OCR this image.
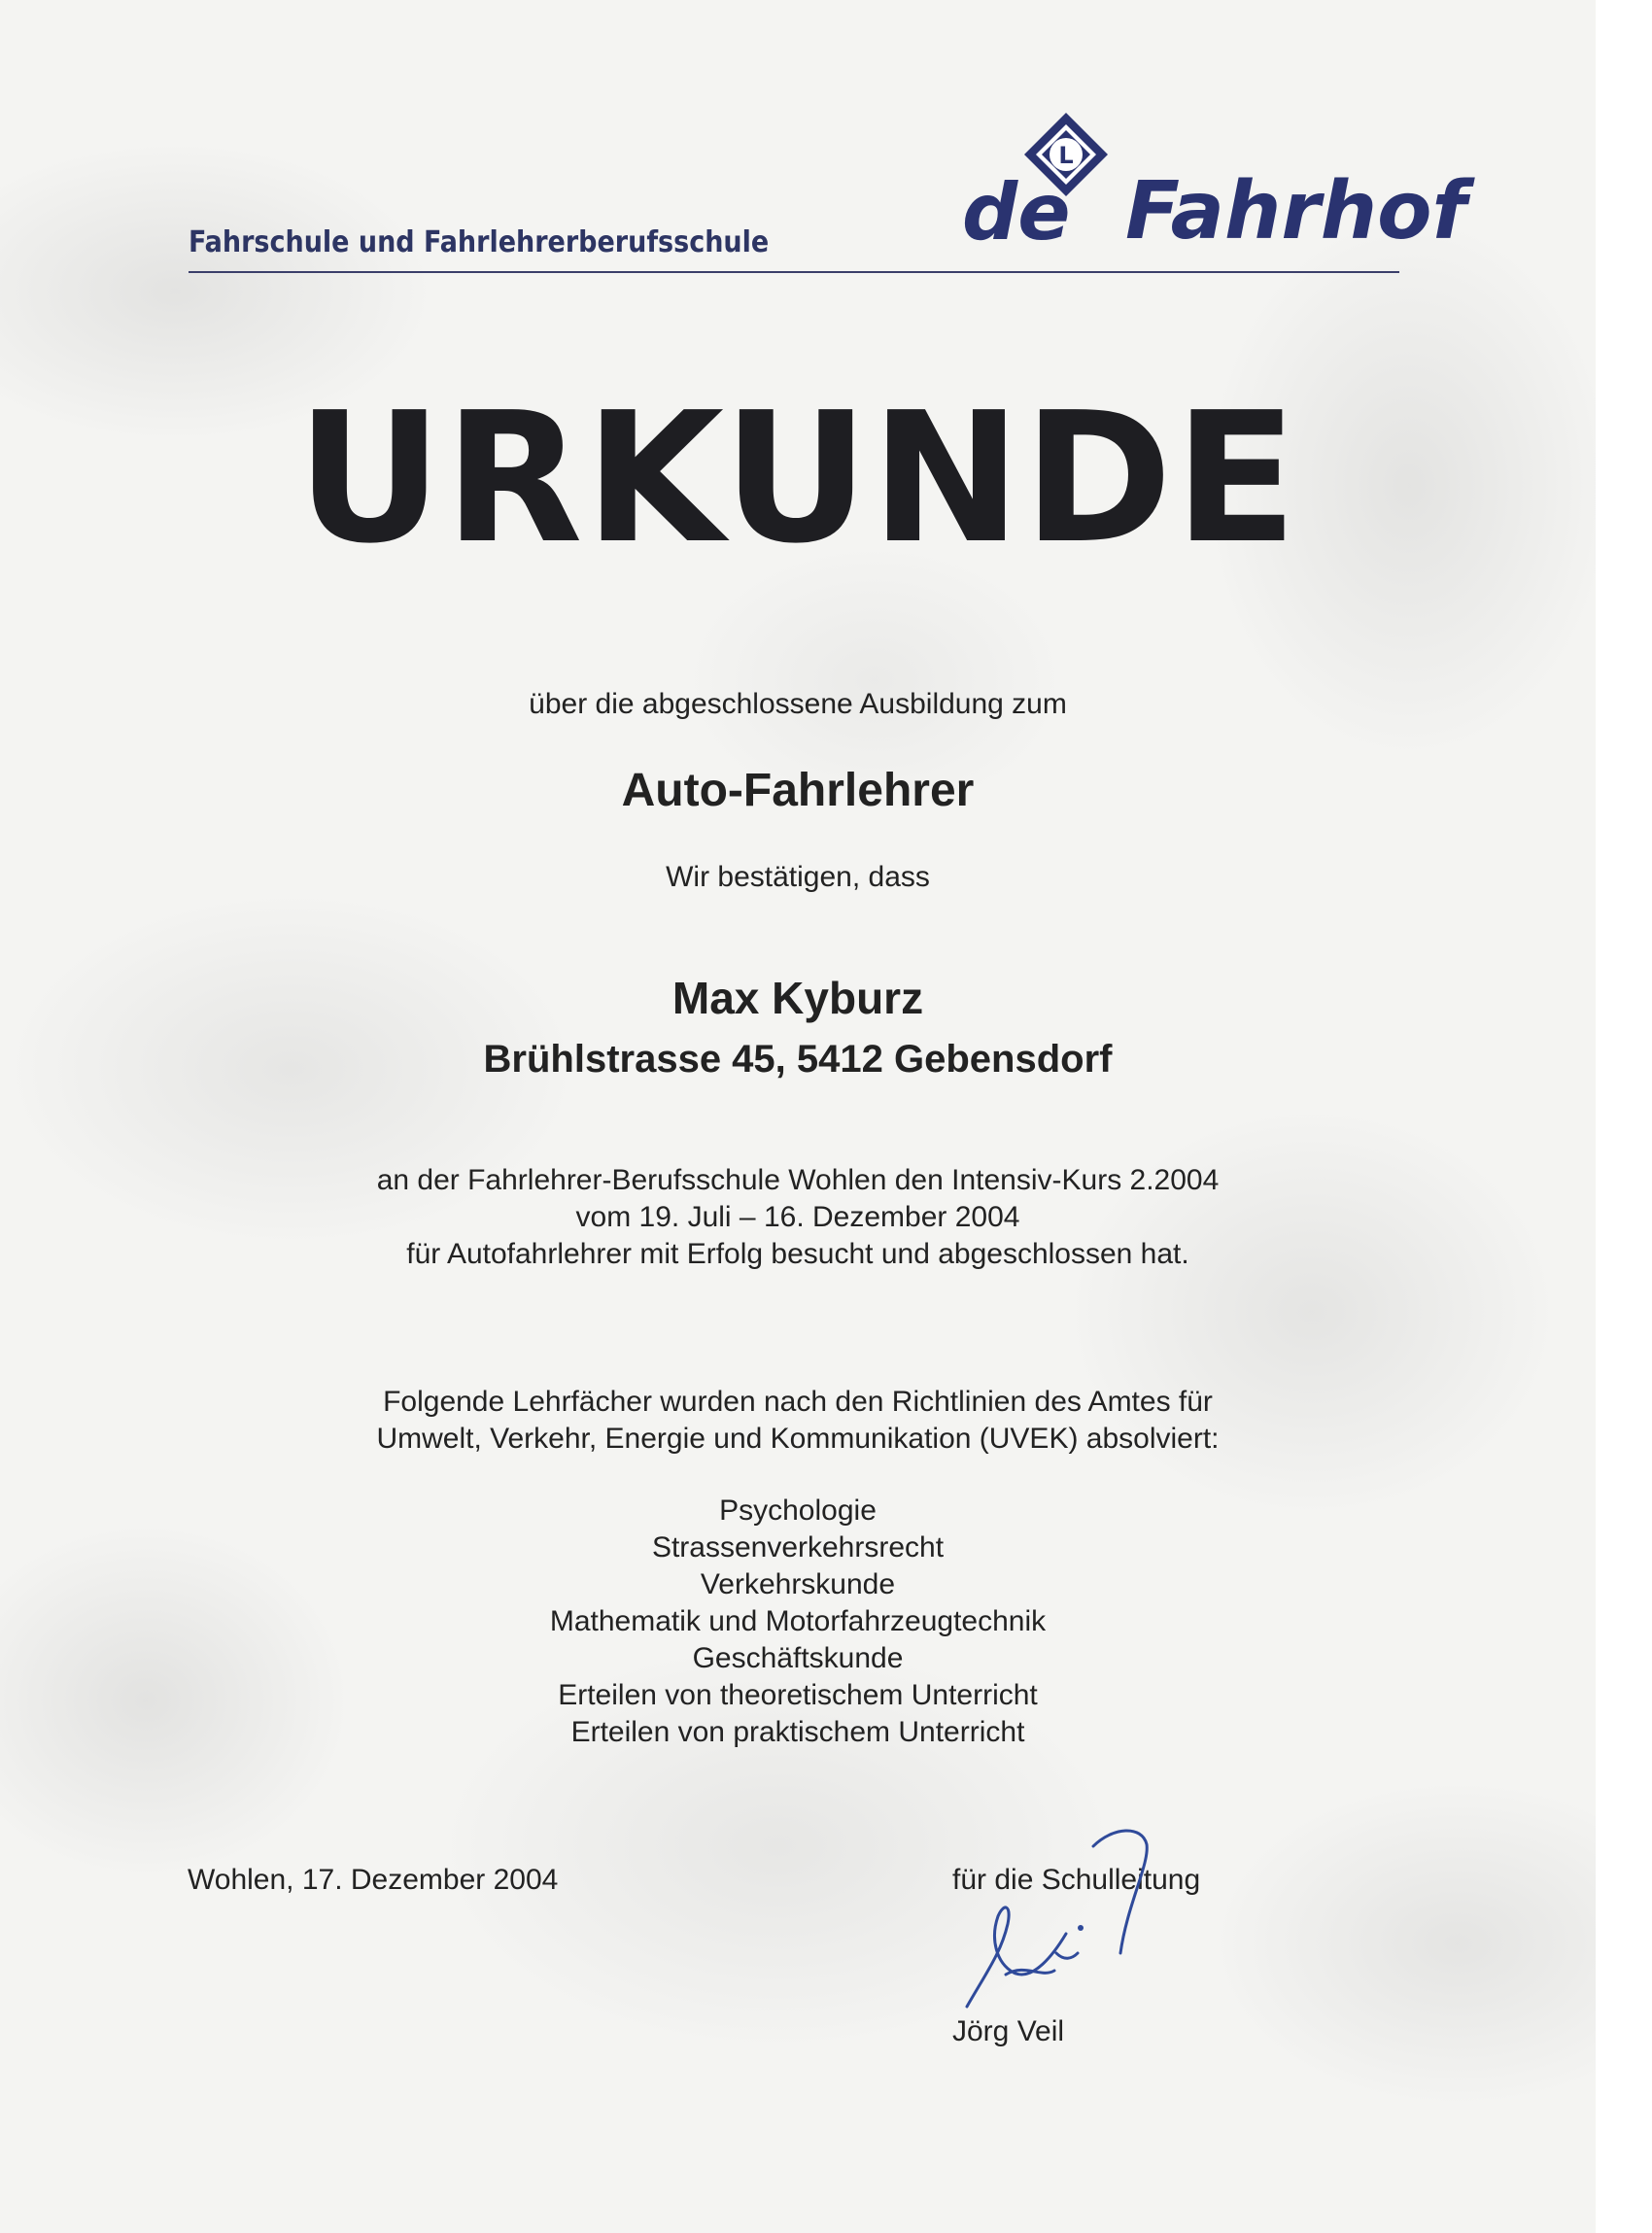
Fahrschule und Fahrlehrerberufsschule
L
de Fahrhof
URKUNDE
über die abgeschlossene Ausbildung zum
Auto-Fahrlehrer
Wir bestätigen, dass
Max Kyburz
Brühlstrasse 45, 5412 Gebensdorf
an der Fahrlehrer-Berufsschule Wohlen den Intensiv-Kurs 2.2004
vom 19. Juli – 16. Dezember 2004
für Autofahrlehrer mit Erfolg besucht und abgeschlossen hat.
Folgende Lehrfächer wurden nach den Richtlinien des Amtes für
Umwelt, Verkehr, Energie und Kommunikation (UVEK) absolviert:
Psychologie
Strassenverkehrsrecht
Verkehrskunde
Mathematik und Motorfahrzeugtechnik
Geschäftskunde
Erteilen von theoretischem Unterricht
Erteilen von praktischem Unterricht
Wohlen, 17. Dezember 2004	für die Schulleitung
Jörg Veil
